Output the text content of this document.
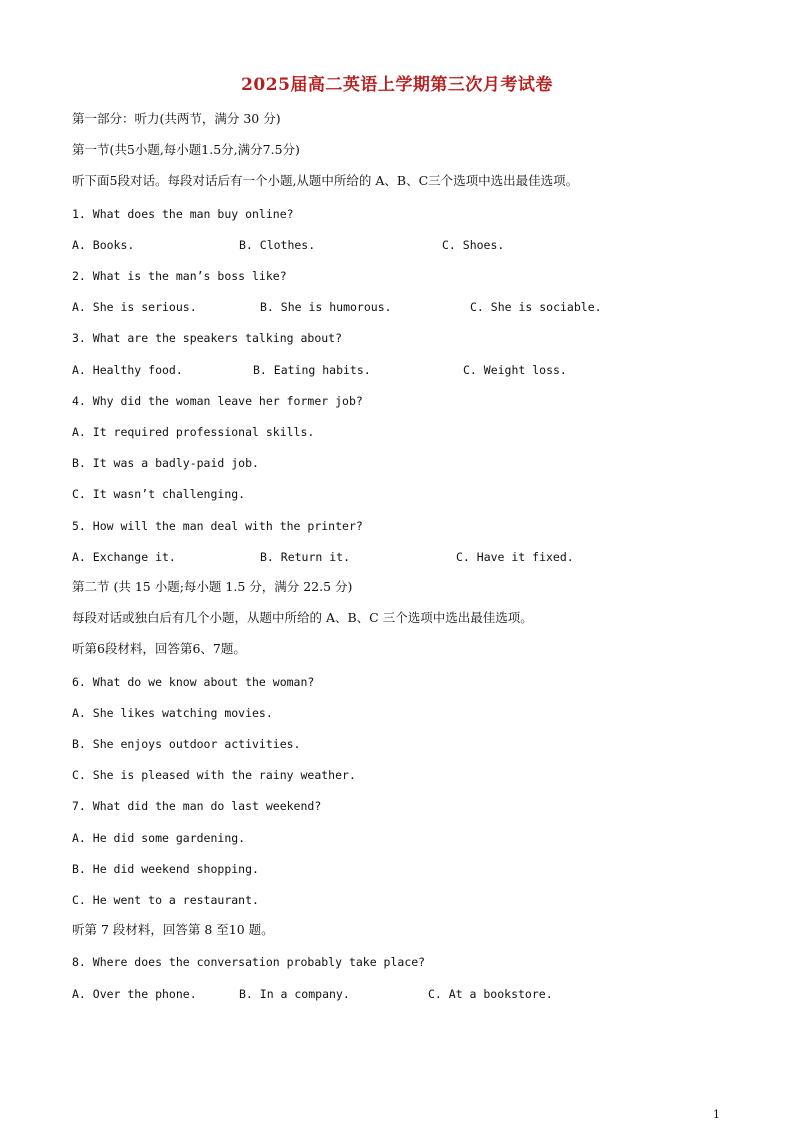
2025届高二英语上学期第三次月考试卷
第一部分：听力(共两节，满分 30 分)
第一节(共5小题,每小题1.5分,满分7.5分)
听下面5段对话。每段对话后有一个小题,从题中所给的 A、B、C三个选项中选出最佳选项。
1. What does the man buy online?

A. Books.

	B. Clothes.

	C. Shoes.

2. What is the man’s boss like?

A. She is serious.

	B. She is humorous.

	C. She is sociable.

3. What are the speakers talking about?

A. Healthy food.

	B. Eating habits.

	C. Weight loss.

4. Why did the woman leave her former job?
A. It required professional skills.
B. It was a badly-paid job.
C. It wasn’t challenging.
5. How will the man deal with the printer?

A. Exchange it.

	B. Return it.

	C. Have it fixed.

第二节 (共 15 小题;每小题 1.5 分，满分 22.5 分)
每段对话或独白后有几个小题，从题中所给的 A、B、C 三个选项中选出最佳选项。
听第6段材料，回答第6、7题。
6. What do we know about the woman?
A. She likes watching movies.
B. She enjoys outdoor activities.
C. She is pleased with the rainy weather.
7. What did the man do last weekend?
A. He did some gardening.
B. He did weekend shopping.
C. He went to a restaurant.
听第 7 段材料，回答第 8 至10 题。
8. Where does the conversation probably take place?

A. Over the phone.

	B. In a company.

	C. At a bookstore.

1
